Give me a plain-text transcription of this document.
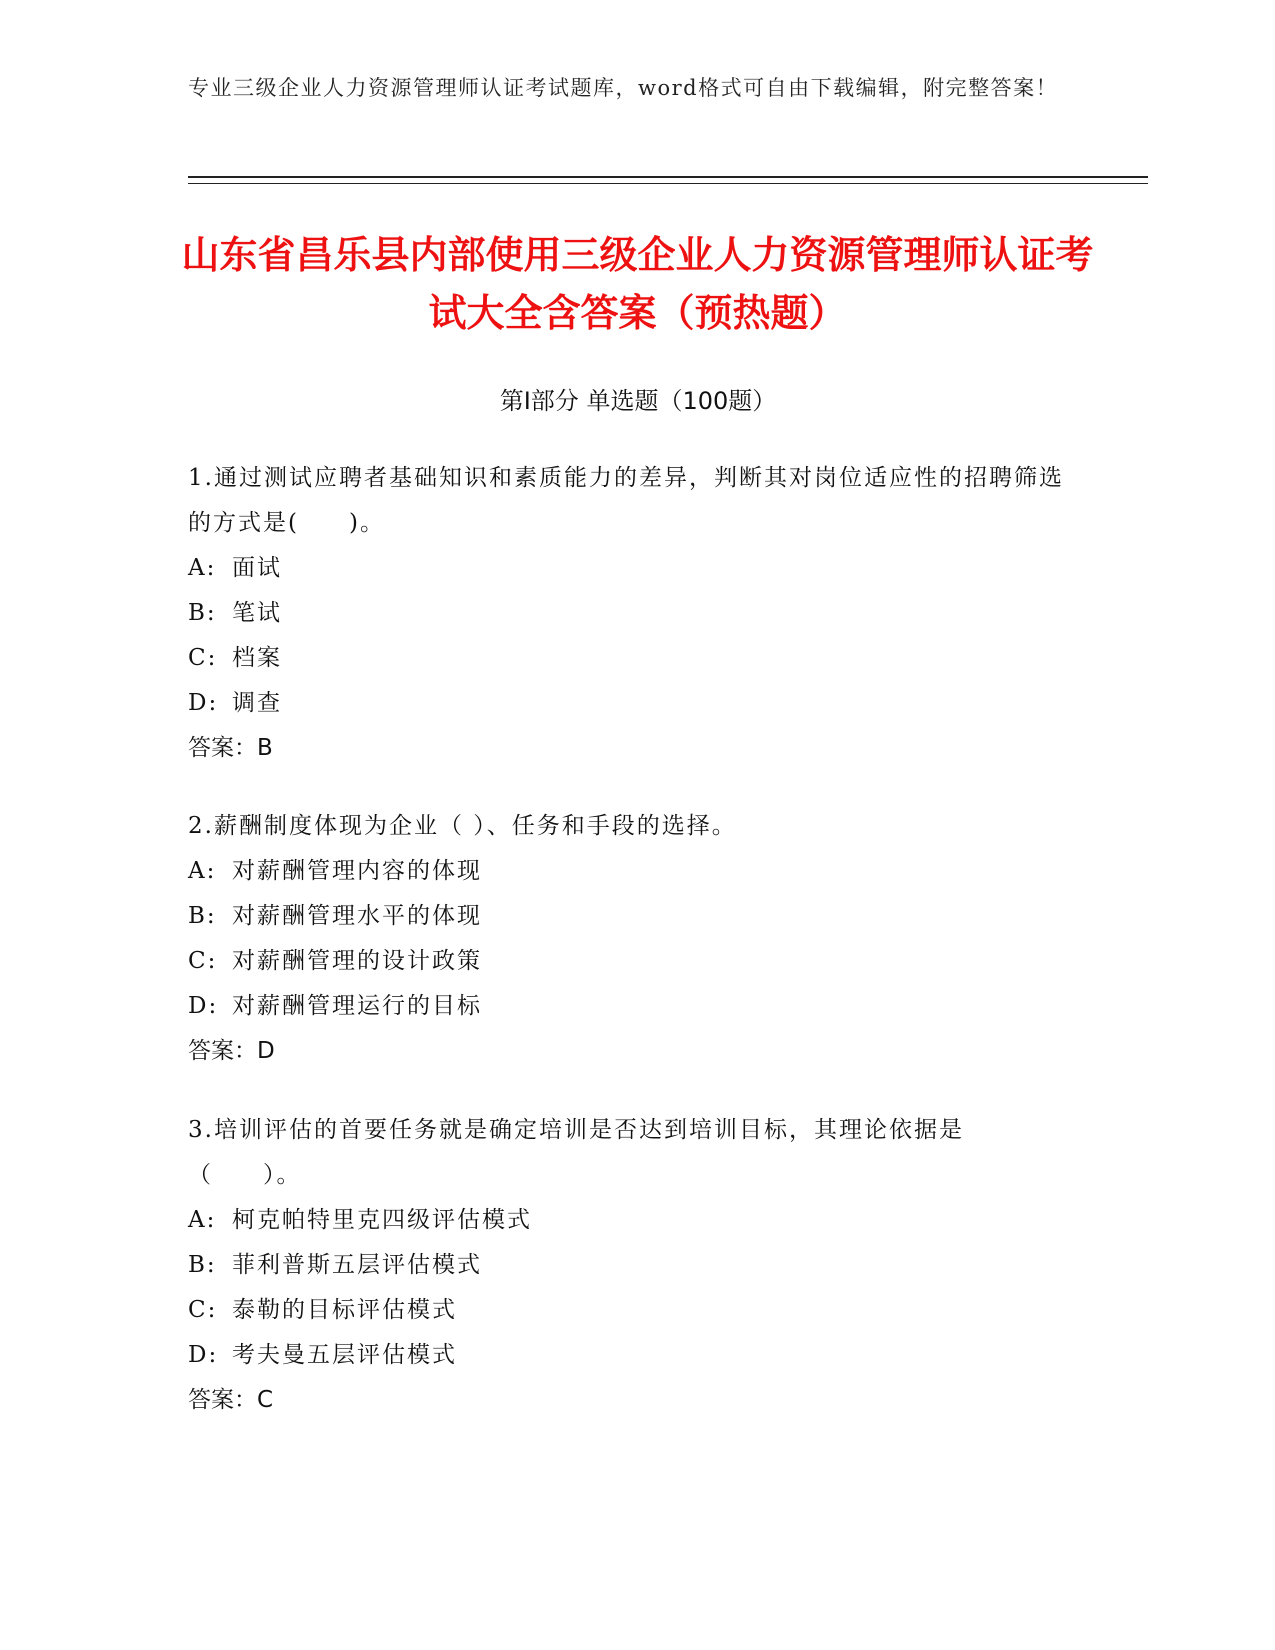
专业三级企业人力资源管理师认证考试题库，word格式可自由下载编辑，附完整答案！
山东省昌乐县内部使用三级企业人力资源管理师认证考试大全含答案（预热题）
第Ⅰ部分 单选题（100题）

1.通过测试应聘者基础知识和素质能力的差异，判断其对岗位适应性的招聘筛选的方式是(　　)。

A: 面试

B: 笔试

C: 档案

D: 调查

答案：B

2.薪酬制度体现为企业（ ）、任务和手段的选择。

A: 对薪酬管理内容的体现

B: 对薪酬管理水平的体现

C: 对薪酬管理的设计政策

D: 对薪酬管理运行的目标

答案：D

3.培训评估的首要任务就是确定培训是否达到培训目标，其理论依据是（　　）。

A: 柯克帕特里克四级评估模式

B: 菲利普斯五层评估模式

C: 泰勒的目标评估模式

D: 考夫曼五层评估模式

答案：C
